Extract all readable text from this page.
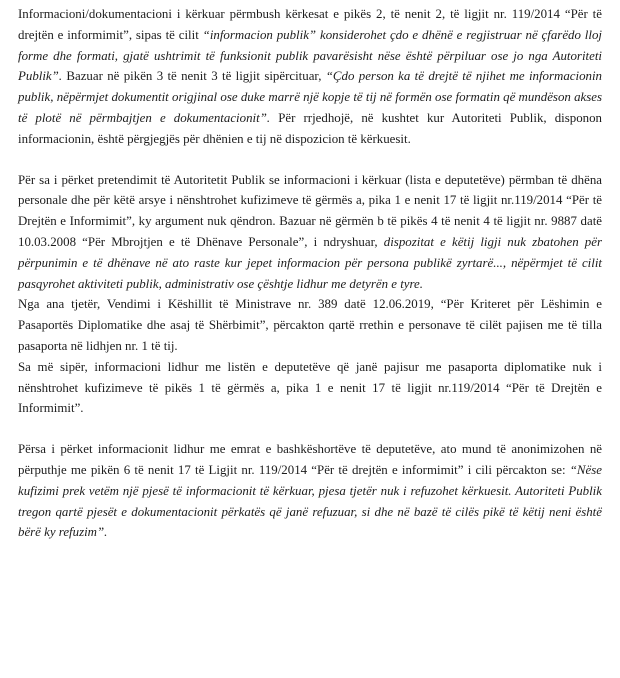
Informacioni/dokumentacioni i kërkuar përmbush kërkesat e pikës 2, të nenit 2, të ligjit nr. 119/2014 “Për të drejtën e informimit”, sipas të cilit “informacion publik” konsiderohet çdo e dhënë e regjistruar në çfarëdo lloj forme dhe formati, gjatë ushtrimit të funksionit publik pavarësisht nëse është përpiluar ose jo nga Autoriteti Publik”. Bazuar në pikën 3 të nenit 3 të ligjit sipërcituar, “Çdo person ka të drejtë të njihet me informacionin publik, nëpërmjet dokumentit origjinal ose duke marrë një kopje të tij në formën ose formatin që mundëson akses të plotë në përmbajtjen e dokumentacionit”. Për rrjedhojë, në kushtet kur Autoriteti Publik, disponon informacionin, është përgjegjës për dhënien e tij në dispozicion të kërkuesit.

Për sa i përket pretendimit të Autoritetit Publik se informacioni i kërkuar (lista e deputetëve) përmban të dhëna personale dhe për këtë arsye i nënshtrohet kufizimeve të gërmës a, pika 1 e nenit 17 të ligjit nr.119/2014 “Për të Drejtën e Informimit”, ky argument nuk qëndron. Bazuar në gërmën b të pikës 4 të nenit 4 të ligjit nr. 9887 datë 10.03.2008 “Për Mbrojtjen e të Dhënave Personale”, i ndryshuar, dispozitat e këtij ligji nuk zbatohen për përpunimin e të dhënave në ato raste kur jepet informacion për persona publikë zyrtarë..., nëpërmjet të cilit pasqyrohet aktiviteti publik, administrativ ose çështje lidhur me detyrën e tyre.

Nga ana tjetër, Vendimi i Këshillit të Ministrave nr. 389 datë 12.06.2019, “Për Kriteret për Lëshimin e Pasaportës Diplomatike dhe asaj të Shërbimit”, përcakton qartë rrethin e personave të cilët pajisen me të tilla pasaporta në lidhjen nr. 1 të tij.

Sa më sipër, informacioni lidhur me listën e deputetëve që janë pajisur me pasaporta diplomatike nuk i nënshtrohet kufizimeve të pikës 1 të gërmës a, pika 1 e nenit 17 të ligjit nr.119/2014 “Për të Drejtën e Informimit”.

Përsa i përket informacionit lidhur me emrat e bashkëshortëve të deputetëve, ato mund të anonimizohen në përputhje me pikën 6 të nenit 17 të Ligjit nr. 119/2014 “Për të drejtën e informimit” i cili përcakton se: “Nëse kufizimi prek vetëm një pjesë të informacionit të kërkuar, pjesa tjetër nuk i refuzohet kërkuesit. Autoriteti Publik tregon qartë pjesët e dokumentacionit përkatës që janë refuzuar, si dhe në bazë të cilës pikë të këtij neni është bërë ky refuzim”.
